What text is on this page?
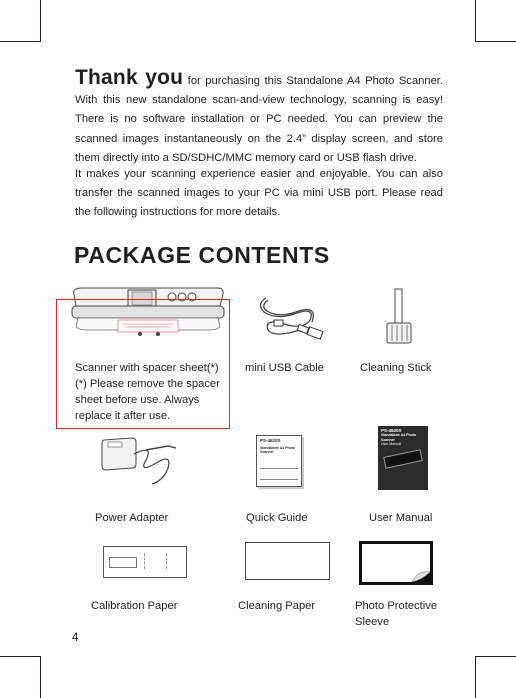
Thank you for purchasing this Standalone A4 Photo Scanner. With this new standalone scan-and-view technology, scanning is easy! There is no software installation or PC needed. You can preview the scanned images instantaneously on the 2.4” display screen, and store them directly into a SD/SDHC/MMC memory card or USB flash drive.

It makes your scanning experience easier and enjoyable. You can also transfer the scanned images to your PC via mini USB port. Please read the following instructions for more details.

PACKAGE CONTENTS
Scanner with spacer sheet(*) mini USB Cable	Cleaning Stick
(*) Please remove the spacer sheet before use. Always replace it after use.
PS-4620S
Standalone A4 Photo Scanner
PS-4620S
Standalone A4 Photo Scanner
User Manual
Power Adapter	Quick Guide	User Manual
Calibration Paper	Cleaning Paper	Photo Protective Sleeve
4
